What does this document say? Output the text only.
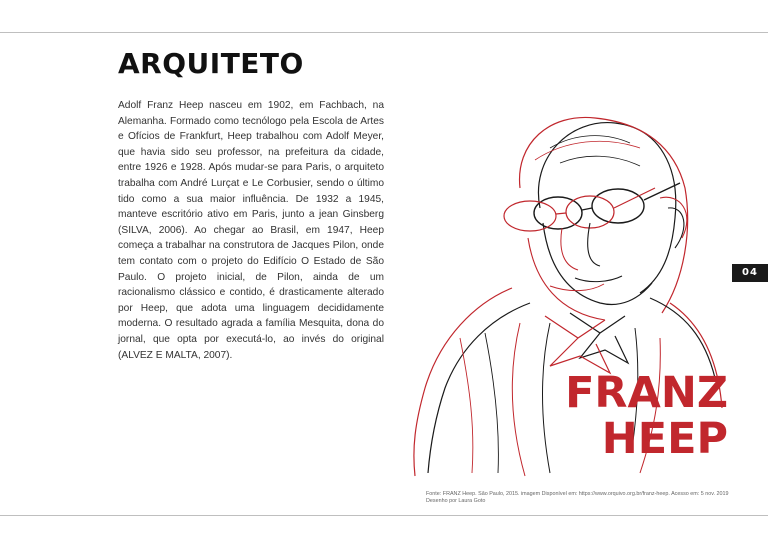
ARQUITETO

Adolf Franz Heep nasceu em 1902, em Fachbach, na Alemanha. Formado como tecnólogo pela Escola de Artes e Ofícios de Frankfurt, Heep trabalhou com Adolf Meyer, que havia sido seu professor, na prefeitura da cidade, entre 1926 e 1928. Após mudar-se para Paris, o arquiteto trabalha com André Lurçat e Le Corbusier, sendo o último tido como a sua maior influência. De 1932 a 1945, manteve escritório ativo em Paris, junto a jean Ginsberg (SILVA, 2006). Ao chegar ao Brasil, em 1947, Heep começa a trabalhar na construtora de Jacques Pilon, onde tem contato com o projeto do Edifício O Estado de São Paulo. O projeto inicial, de Pilon, ainda de um racionalismo clássico e contido, é drasticamente alterado por Heep, que adota uma linguagem decididamente moderna. O resultado agrada a família Mesquita, dona do jornal, que opta por executá-lo, ao invés do original (ALVEZ E MALTA, 2007).

04
FRANZ
HEEP
Fonte: FRANZ Heep. São Paulo, 2015. imagem Disponível em: https://www.orquivo.org.br/franz-heep. Acesso em: 5 nov. 2019
Desenho por Laura Goto
